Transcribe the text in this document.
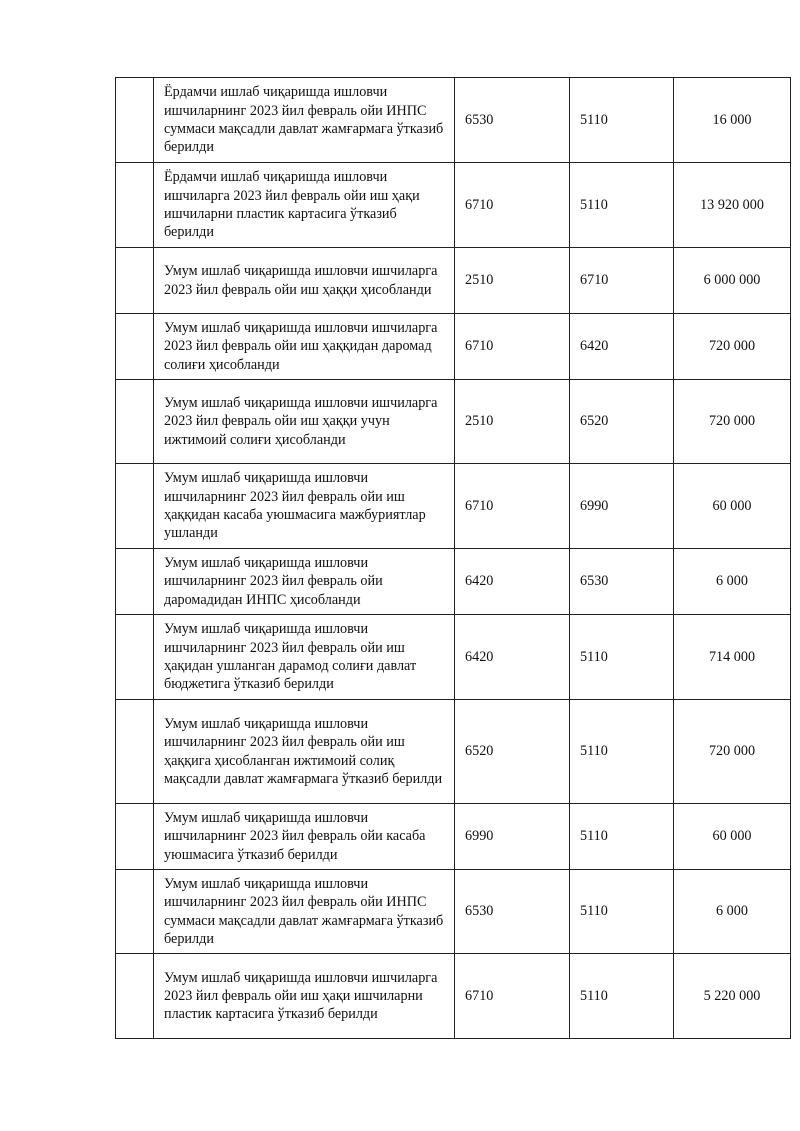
	Ёрдамчи ишлаб чиқаришда ишловчи ишчиларнинг 2023 йил февраль ойи ИНПС суммаси мақсадли давлат жамғармага ўтказиб берилди	6530	5110	16 000

	Ёрдамчи ишлаб чиқаришда ишловчи ишчиларга 2023 йил февраль ойи иш ҳақи ишчиларни пластик картасига ўтказиб берилди	6710	5110	13 920 000

	Умум ишлаб чиқаришда ишловчи ишчиларга 2023 йил февраль ойи иш ҳаққи ҳисобланди	2510	6710	6 000 000

	Умум ишлаб чиқаришда ишловчи ишчиларга 2023 йил февраль ойи иш ҳаққидан даромад солиғи ҳисобланди	6710	6420	720 000

	Умум ишлаб чиқаришда ишловчи ишчиларга 2023 йил февраль ойи иш ҳаққи учун ижтимоий солиғи ҳисобланди	2510	6520	720 000

	Умум ишлаб чиқаришда ишловчи ишчиларнинг 2023 йил февраль ойи иш ҳаққидан касаба уюшмасига мажбуриятлар ушланди	6710	6990	60 000

	Умум ишлаб чиқаришда ишловчи ишчиларнинг 2023 йил февраль ойи даромадидан ИНПС ҳисобланди	6420	6530	6 000

	Умум ишлаб чиқаришда ишловчи ишчиларнинг 2023 йил февраль ойи иш ҳақидан ушланган дарамод солиғи давлат бюджетига ўтказиб берилди	6420	5110	714 000

	Умум ишлаб чиқаришда ишловчи ишчиларнинг 2023 йил февраль ойи иш ҳаққига ҳисобланган ижтимоий солиқ мақсадли давлат жамғармага ўтказиб берилди	6520	5110	720 000

	Умум ишлаб чиқаришда ишловчи ишчиларнинг 2023 йил февраль ойи касаба уюшмасига ўтказиб берилди	6990	5110	60 000

	Умум ишлаб чиқаришда ишловчи ишчиларнинг 2023 йил февраль ойи ИНПС суммаси мақсадли давлат жамғармага ўтказиб берилди	6530	5110	6 000

	Умум ишлаб чиқаришда ишловчи ишчиларга 2023 йил февраль ойи иш ҳақи ишчиларни пластик картасига ўтказиб берилди	6710	5110	5 220 000
